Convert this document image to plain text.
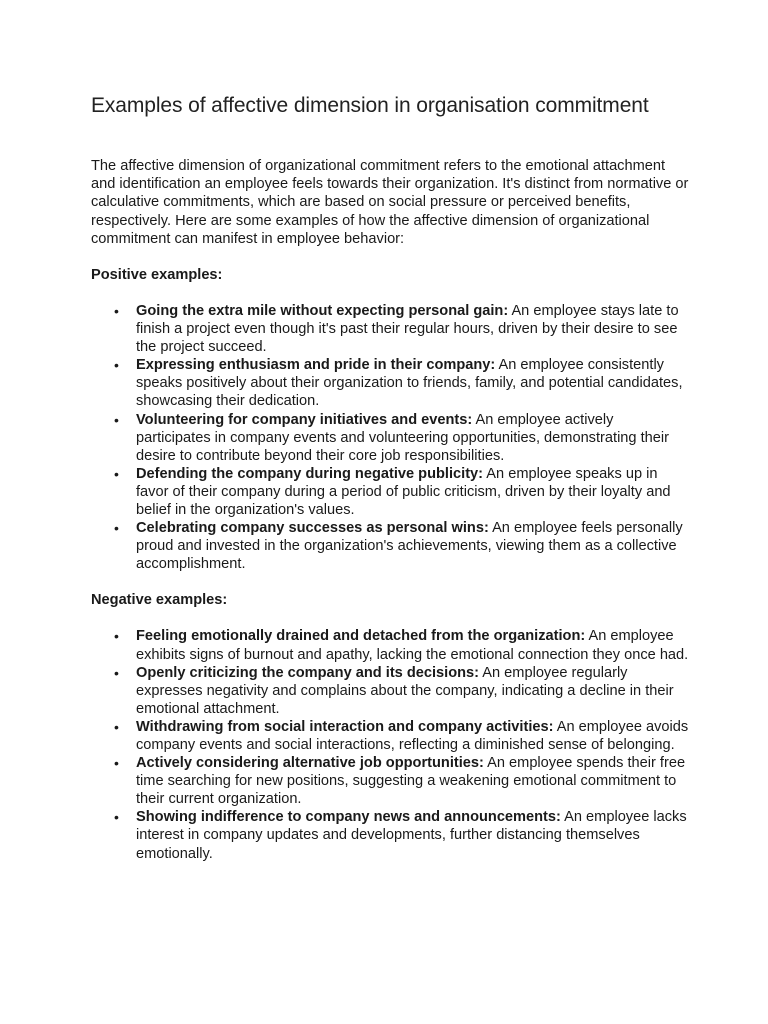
Examples of affective dimension in organisation commitment

The affective dimension of organizational commitment refers to the emotional attachment and identification an employee feels towards their organization. It's distinct from normative or calculative commitments, which are based on social pressure or perceived benefits, respectively. Here are some examples of how the affective dimension of organizational commitment can manifest in employee behavior:

Positive examples:

• Going the extra mile without expecting personal gain: An employee stays late to finish a project even though it's past their regular hours, driven by their desire to see the project succeed.
• Expressing enthusiasm and pride in their company: An employee consistently speaks positively about their organization to friends, family, and potential candidates, showcasing their dedication.
• Volunteering for company initiatives and events: An employee actively participates in company events and volunteering opportunities, demonstrating their desire to contribute beyond their core job responsibilities.
• Defending the company during negative publicity: An employee speaks up in favor of their company during a period of public criticism, driven by their loyalty and belief in the organization's values.
• Celebrating company successes as personal wins: An employee feels personally proud and invested in the organization's achievements, viewing them as a collective accomplishment.

Negative examples:

• Feeling emotionally drained and detached from the organization: An employee exhibits signs of burnout and apathy, lacking the emotional connection they once had.
• Openly criticizing the company and its decisions: An employee regularly expresses negativity and complains about the company, indicating a decline in their emotional attachment.
• Withdrawing from social interaction and company activities: An employee avoids company events and social interactions, reflecting a diminished sense of belonging.
• Actively considering alternative job opportunities: An employee spends their free time searching for new positions, suggesting a weakening emotional commitment to their current organization.
• Showing indifference to company news and announcements: An employee lacks interest in company updates and developments, further distancing themselves emotionally.
